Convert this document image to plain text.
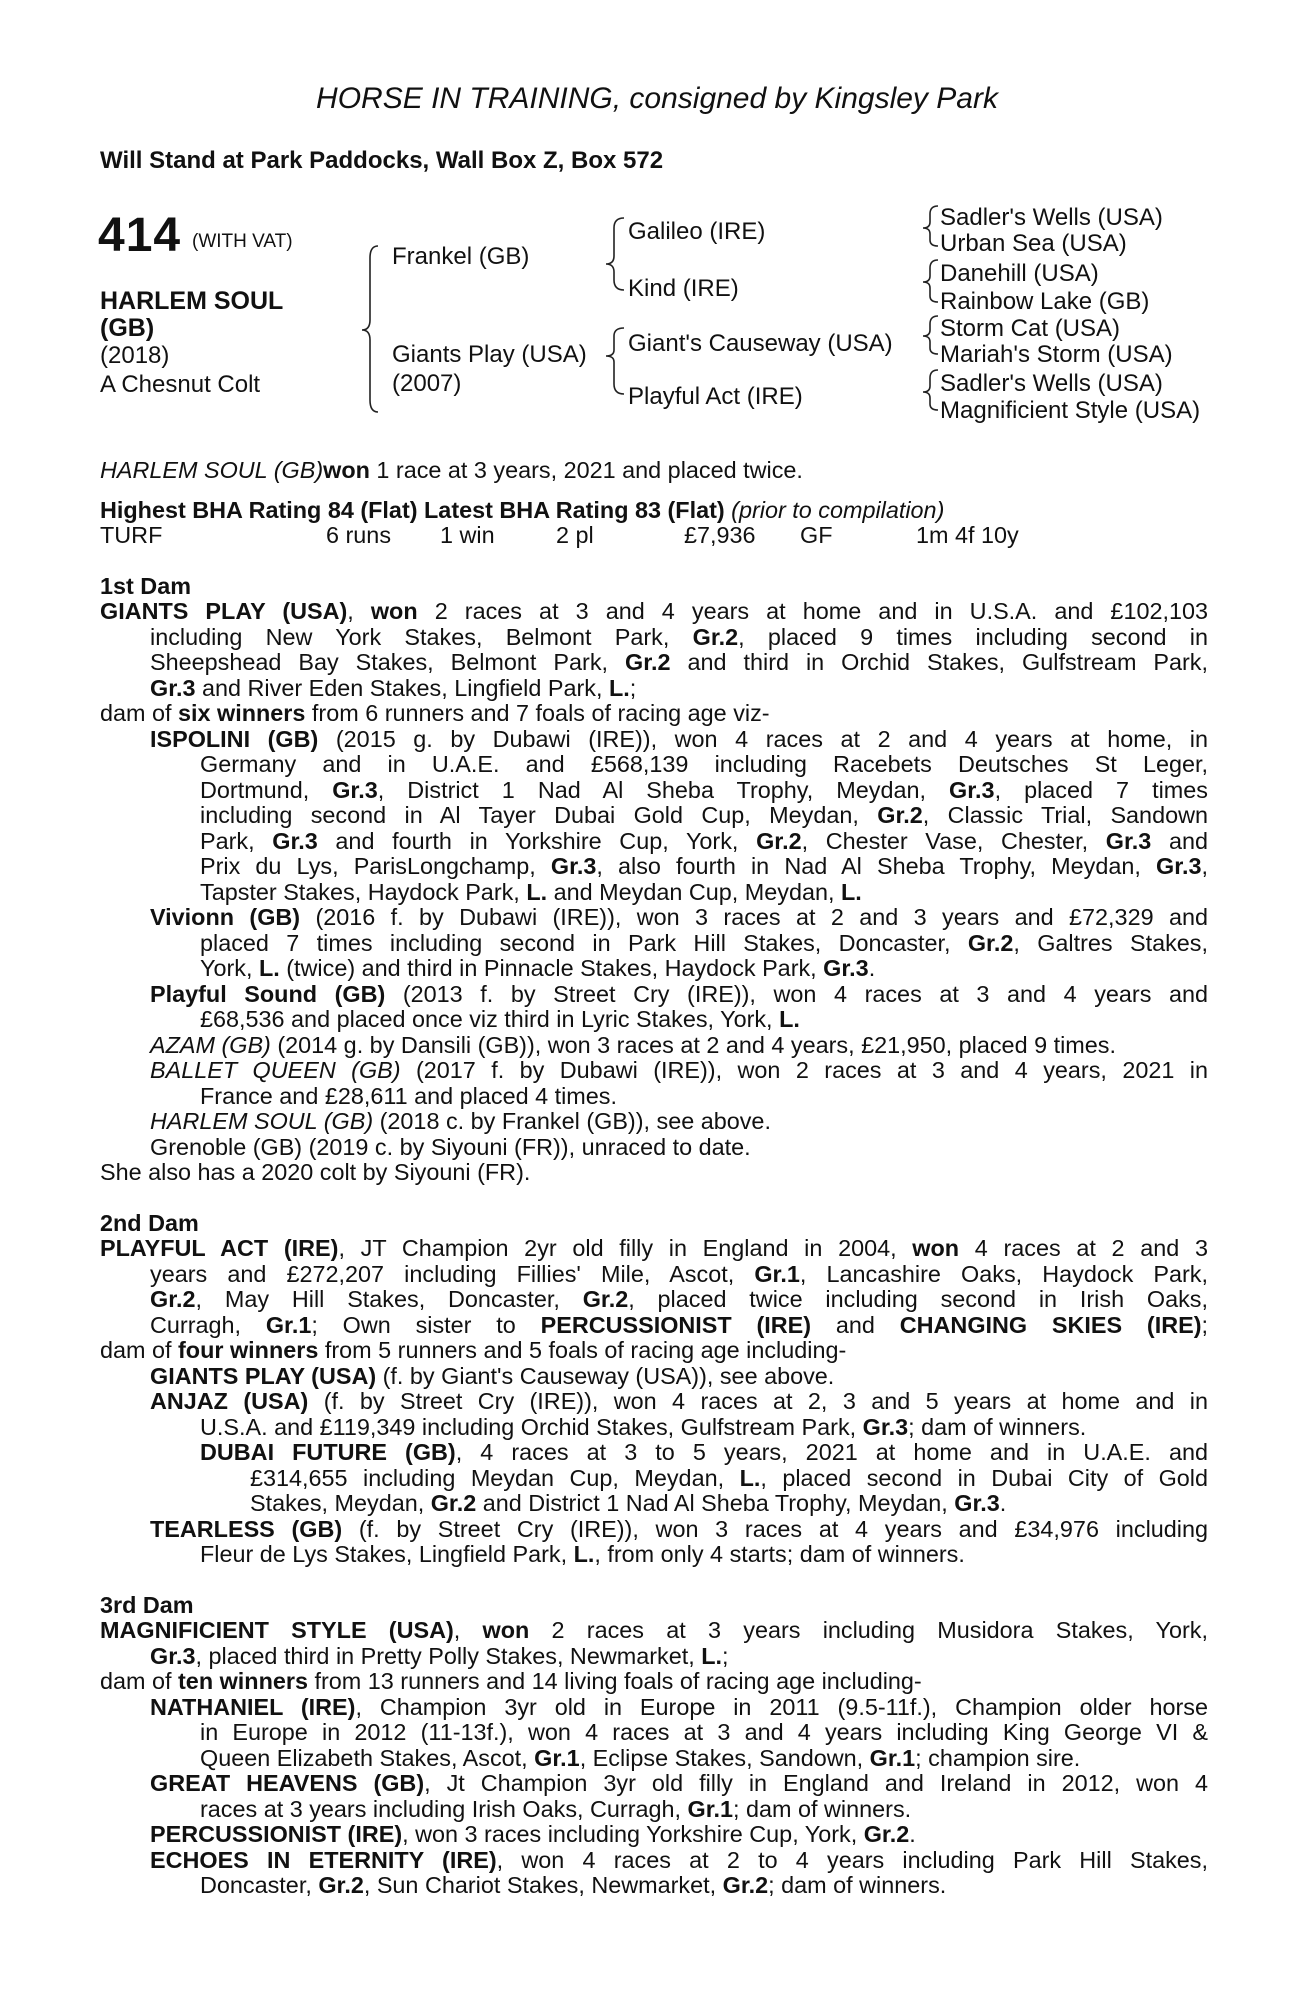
HORSE IN TRAINING, consigned by Kingsley Park
Will Stand at Park Paddocks, Wall Box Z, Box 572
414 (WITH VAT)
HARLEM SOUL
(GB)
(2018)
A Chesnut Colt
Frankel (GB)
Giants Play (USA)
(2007)
Galileo (IRE)
Kind (IRE)
Giant's Causeway (USA)
Playful Act (IRE)
Sadler's Wells (USA)
Urban Sea (USA)
Danehill (USA)
Rainbow Lake (GB)
Storm Cat (USA)
Mariah's Storm (USA)
Sadler's Wells (USA)
Magnificient Style (USA)
HARLEM SOUL (GB)won 1 race at 3 years, 2021 and placed twice.
Highest BHA Rating 84 (Flat) Latest BHA Rating 83 (Flat) (prior to compilation)
TURF	6 runs 1 win	2 pl	£7,936 GF	1m 4f 10y
1st Dam
GIANTS PLAY (USA), won 2 races at 3 and 4 years at home and in U.S.A. and £102,103
including New York Stakes, Belmont Park, Gr.2, placed 9 times including second in
Sheepshead Bay Stakes, Belmont Park, Gr.2 and third in Orchid Stakes, Gulfstream Park,
Gr.3 and River Eden Stakes, Lingfield Park, L.;
dam of six winners from 6 runners and 7 foals of racing age viz-
ISPOLINI (GB) (2015 g. by Dubawi (IRE)), won 4 races at 2 and 4 years at home, in
Germany and in U.A.E. and £568,139 including Racebets Deutsches St Leger,
Dortmund, Gr.3, District 1 Nad Al Sheba Trophy, Meydan, Gr.3, placed 7 times
including second in Al Tayer Dubai Gold Cup, Meydan, Gr.2, Classic Trial, Sandown
Park, Gr.3 and fourth in Yorkshire Cup, York, Gr.2, Chester Vase, Chester, Gr.3 and
Prix du Lys, ParisLongchamp, Gr.3, also fourth in Nad Al Sheba Trophy, Meydan, Gr.3,
Tapster Stakes, Haydock Park, L. and Meydan Cup, Meydan, L.
Vivionn (GB) (2016 f. by Dubawi (IRE)), won 3 races at 2 and 3 years and £72,329 and
placed 7 times including second in Park Hill Stakes, Doncaster, Gr.2, Galtres Stakes,
York, L. (twice) and third in Pinnacle Stakes, Haydock Park, Gr.3.
Playful Sound (GB) (2013 f. by Street Cry (IRE)), won 4 races at 3 and 4 years and
£68,536 and placed once viz third in Lyric Stakes, York, L.
AZAM (GB) (2014 g. by Dansili (GB)), won 3 races at 2 and 4 years, £21,950, placed 9 times.
BALLET QUEEN (GB) (2017 f. by Dubawi (IRE)), won 2 races at 3 and 4 years, 2021 in
France and £28,611 and placed 4 times.
HARLEM SOUL (GB) (2018 c. by Frankel (GB)), see above.
Grenoble (GB) (2019 c. by Siyouni (FR)), unraced to date.
She also has a 2020 colt by Siyouni (FR).
2nd Dam
PLAYFUL ACT (IRE), JT Champion 2yr old filly in England in 2004, won 4 races at 2 and 3
years and £272,207 including Fillies' Mile, Ascot, Gr.1, Lancashire Oaks, Haydock Park,
Gr.2, May Hill Stakes, Doncaster, Gr.2, placed twice including second in Irish Oaks,
Curragh, Gr.1; Own sister to PERCUSSIONIST (IRE) and CHANGING SKIES (IRE);
dam of four winners from 5 runners and 5 foals of racing age including-
GIANTS PLAY (USA) (f. by Giant's Causeway (USA)), see above.
ANJAZ (USA) (f. by Street Cry (IRE)), won 4 races at 2, 3 and 5 years at home and in
U.S.A. and £119,349 including Orchid Stakes, Gulfstream Park, Gr.3; dam of winners.
DUBAI FUTURE (GB), 4 races at 3 to 5 years, 2021 at home and in U.A.E. and
£314,655 including Meydan Cup, Meydan, L., placed second in Dubai City of Gold
Stakes, Meydan, Gr.2 and District 1 Nad Al Sheba Trophy, Meydan, Gr.3.
TEARLESS (GB) (f. by Street Cry (IRE)), won 3 races at 4 years and £34,976 including
Fleur de Lys Stakes, Lingfield Park, L., from only 4 starts; dam of winners.
3rd Dam
MAGNIFICIENT STYLE (USA), won 2 races at 3 years including Musidora Stakes, York,
Gr.3, placed third in Pretty Polly Stakes, Newmarket, L.;
dam of ten winners from 13 runners and 14 living foals of racing age including-
NATHANIEL (IRE), Champion 3yr old in Europe in 2011 (9.5-11f.), Champion older horse
in Europe in 2012 (11-13f.), won 4 races at 3 and 4 years including King George VI &
Queen Elizabeth Stakes, Ascot, Gr.1, Eclipse Stakes, Sandown, Gr.1; champion sire.
GREAT HEAVENS (GB), Jt Champion 3yr old filly in England and Ireland in 2012, won 4
races at 3 years including Irish Oaks, Curragh, Gr.1; dam of winners.
PERCUSSIONIST (IRE), won 3 races including Yorkshire Cup, York, Gr.2.
ECHOES IN ETERNITY (IRE), won 4 races at 2 to 4 years including Park Hill Stakes,
Doncaster, Gr.2, Sun Chariot Stakes, Newmarket, Gr.2; dam of winners.
